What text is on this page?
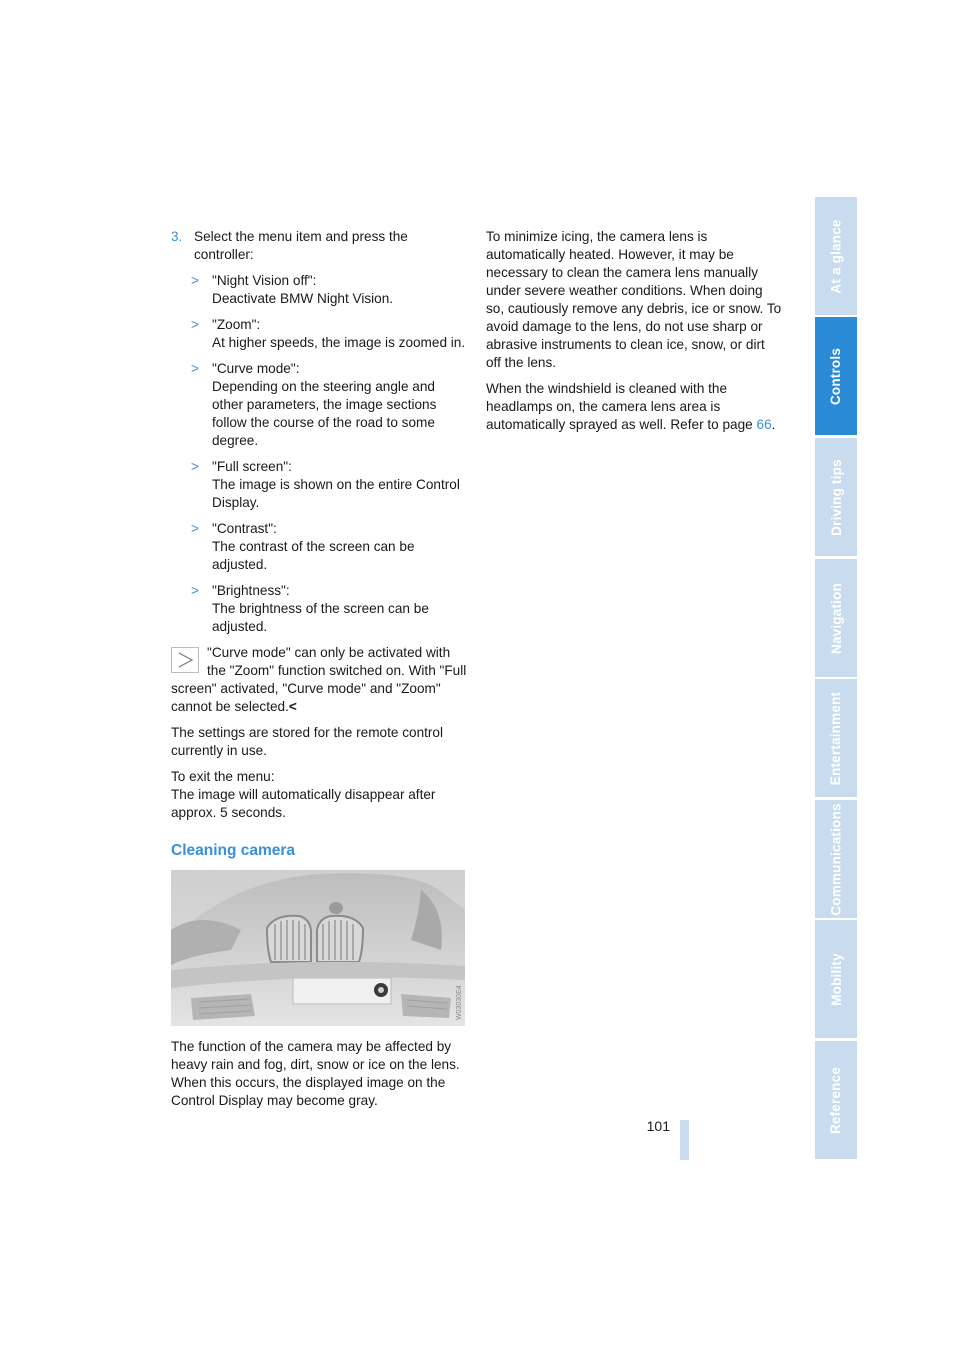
3. Select the menu item and press the controller:
> "Night Vision off":
Deactivate BMW Night Vision.
> "Zoom":
At higher speeds, the image is zoomed in.
> "Curve mode":
Depending on the steering angle and other parameters, the image sections follow the course of the road to some degree.
> "Full screen":
The image is shown on the entire Control Display.
> "Contrast":
The contrast of the screen can be adjusted.
> "Brightness":
The brightness of the screen can be adjusted.
"Curve mode" can only be activated with the "Zoom" function switched on. With "Full screen" activated, "Curve mode" and "Zoom" cannot be selected.<

The settings are stored for the remote control currently in use.

To exit the menu:
The image will automatically disappear after approx. 5 seconds.

Cleaning camera
W03030E4

The function of the camera may be affected by heavy rain and fog, dirt, snow or ice on the lens. When this occurs, the displayed image on the Control Display may become gray.

To minimize icing, the camera lens is automatically heated. However, it may be necessary to clean the camera lens manually under severe weather conditions. When doing so, cautiously remove any debris, ice or snow. To avoid damage to the lens, do not use sharp or abrasive instruments to clean ice, snow, or dirt off the lens.

When the windshield is cleaned with the headlamps on, the camera lens area is automatically sprayed as well. Refer to page 66.

101
At a glance
Controls
Driving tips
Navigation
Entertainment
Communications
Mobility
Reference
